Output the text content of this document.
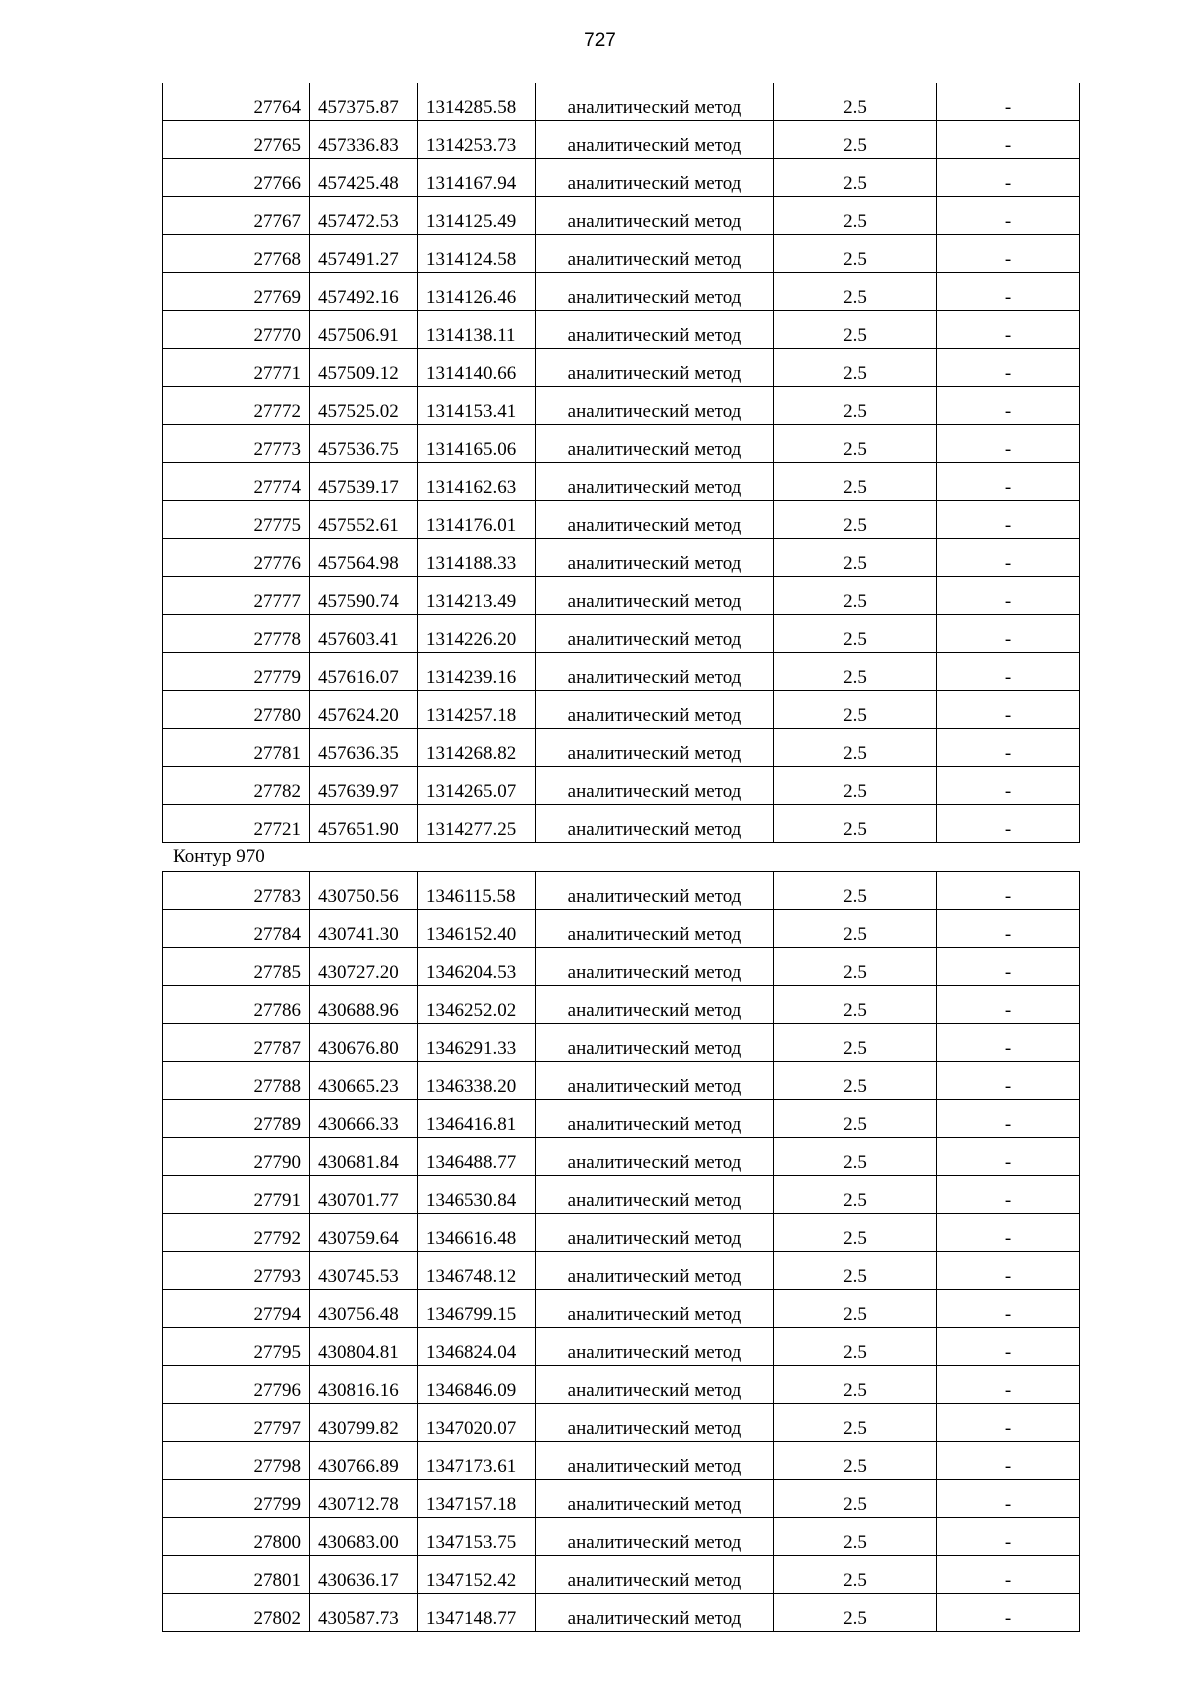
727
27764	457375.87	1314285.58	аналитический метод	2.5	-
27765	457336.83	1314253.73	аналитический метод	2.5	-
27766	457425.48	1314167.94	аналитический метод	2.5	-
27767	457472.53	1314125.49	аналитический метод	2.5	-
27768	457491.27	1314124.58	аналитический метод	2.5	-
27769	457492.16	1314126.46	аналитический метод	2.5	-
27770	457506.91	1314138.11	аналитический метод	2.5	-
27771	457509.12	1314140.66	аналитический метод	2.5	-
27772	457525.02	1314153.41	аналитический метод	2.5	-
27773	457536.75	1314165.06	аналитический метод	2.5	-
27774	457539.17	1314162.63	аналитический метод	2.5	-
27775	457552.61	1314176.01	аналитический метод	2.5	-
27776	457564.98	1314188.33	аналитический метод	2.5	-
27777	457590.74	1314213.49	аналитический метод	2.5	-
27778	457603.41	1314226.20	аналитический метод	2.5	-
27779	457616.07	1314239.16	аналитический метод	2.5	-
27780	457624.20	1314257.18	аналитический метод	2.5	-
27781	457636.35	1314268.82	аналитический метод	2.5	-
27782	457639.97	1314265.07	аналитический метод	2.5	-
27721	457651.90	1314277.25	аналитический метод	2.5	-
Контур 970
27783	430750.56	1346115.58	аналитический метод	2.5	-
27784	430741.30	1346152.40	аналитический метод	2.5	-
27785	430727.20	1346204.53	аналитический метод	2.5	-
27786	430688.96	1346252.02	аналитический метод	2.5	-
27787	430676.80	1346291.33	аналитический метод	2.5	-
27788	430665.23	1346338.20	аналитический метод	2.5	-
27789	430666.33	1346416.81	аналитический метод	2.5	-
27790	430681.84	1346488.77	аналитический метод	2.5	-
27791	430701.77	1346530.84	аналитический метод	2.5	-
27792	430759.64	1346616.48	аналитический метод	2.5	-
27793	430745.53	1346748.12	аналитический метод	2.5	-
27794	430756.48	1346799.15	аналитический метод	2.5	-
27795	430804.81	1346824.04	аналитический метод	2.5	-
27796	430816.16	1346846.09	аналитический метод	2.5	-
27797	430799.82	1347020.07	аналитический метод	2.5	-
27798	430766.89	1347173.61	аналитический метод	2.5	-
27799	430712.78	1347157.18	аналитический метод	2.5	-
27800	430683.00	1347153.75	аналитический метод	2.5	-
27801	430636.17	1347152.42	аналитический метод	2.5	-
27802	430587.73	1347148.77	аналитический метод	2.5	-
